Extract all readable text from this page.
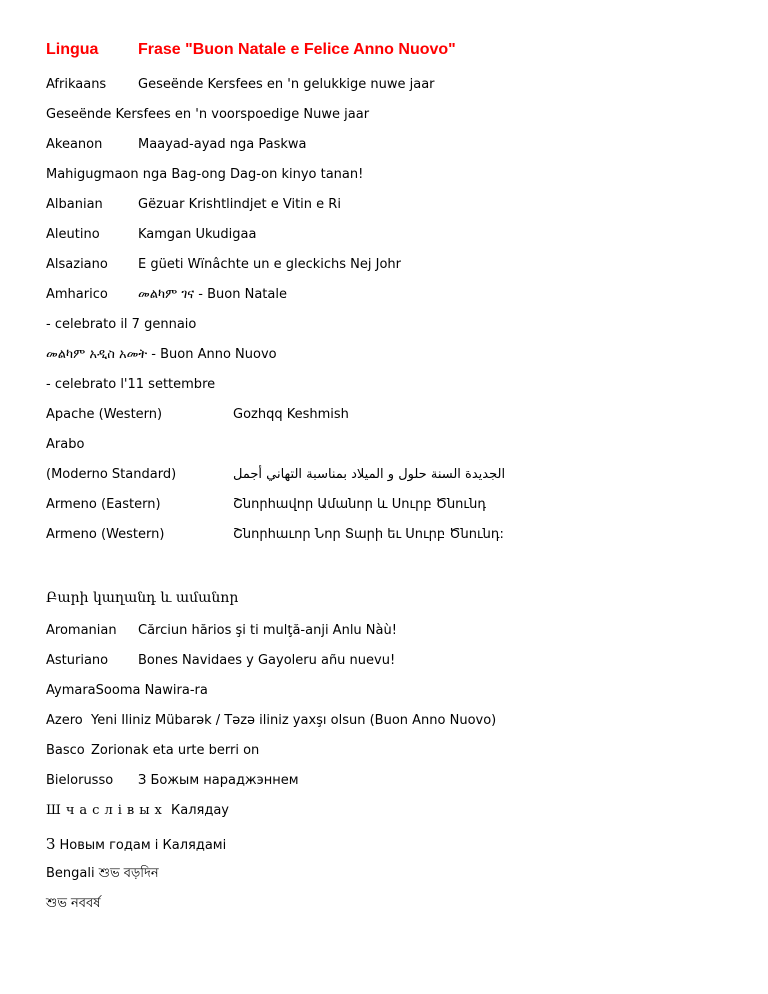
Lingua Frase "Buon Natale e Felice Anno Nuovo"
Afrikaans Geseënde Kersfees en 'n gelukkige nuwe jaar
Geseënde Kersfees en 'n voorspoedige Nuwe jaar
Akeanon	Maayad-ayad nga Paskwa
Mahigugmaon nga Bag-ong Dag-on kinyo tanan!
Albanian	Gëzuar Krishtlindjet e Vitin e Ri
Aleutino	Kamgan Ukudigaa
Alsaziano E güeti Wïnâchte un e gleckichs Nej Johr
Amharico መልካም ገና - Buon Natale
- celebrato il 7 gennaio
መልካም አዲስ አመት - Buon Anno Nuovo
- celebrato l'11 settembre
Apache (Western)	Gozhqq Keshmish
Arabo
(Moderno Standard)	الجديدة السنة حلول و الميلاد بمناسبة التهاني أجمل
Armeno (Eastern)	Շնորհավոր Ամանոր և Սուրբ Ծնունդ
Armeno (Western)	Շնորհաւոր Նոր Տարի եւ Սուրբ Ծնունդ:
Բարի կաղանդ և ամանոր
Aromanian Cărciun hărios şi ti mulţă-anji Anlu Nàù!
Asturiano Bones Navidaes y Gayoleru añu nuevu!
AymaraSooma Nawira-ra
Azero Yeni Iliniz Mübarək / Təzə iliniz yaxşı olsun (Buon Anno Nuovo)
Basco Zorionak eta urte berri on
Bielorusso З Божым нараджэннем
Шчаслівых Калядау
З Новым годам і Калядамі
Bengali শুভ বড়দিন
শুভ নববর্ষ
